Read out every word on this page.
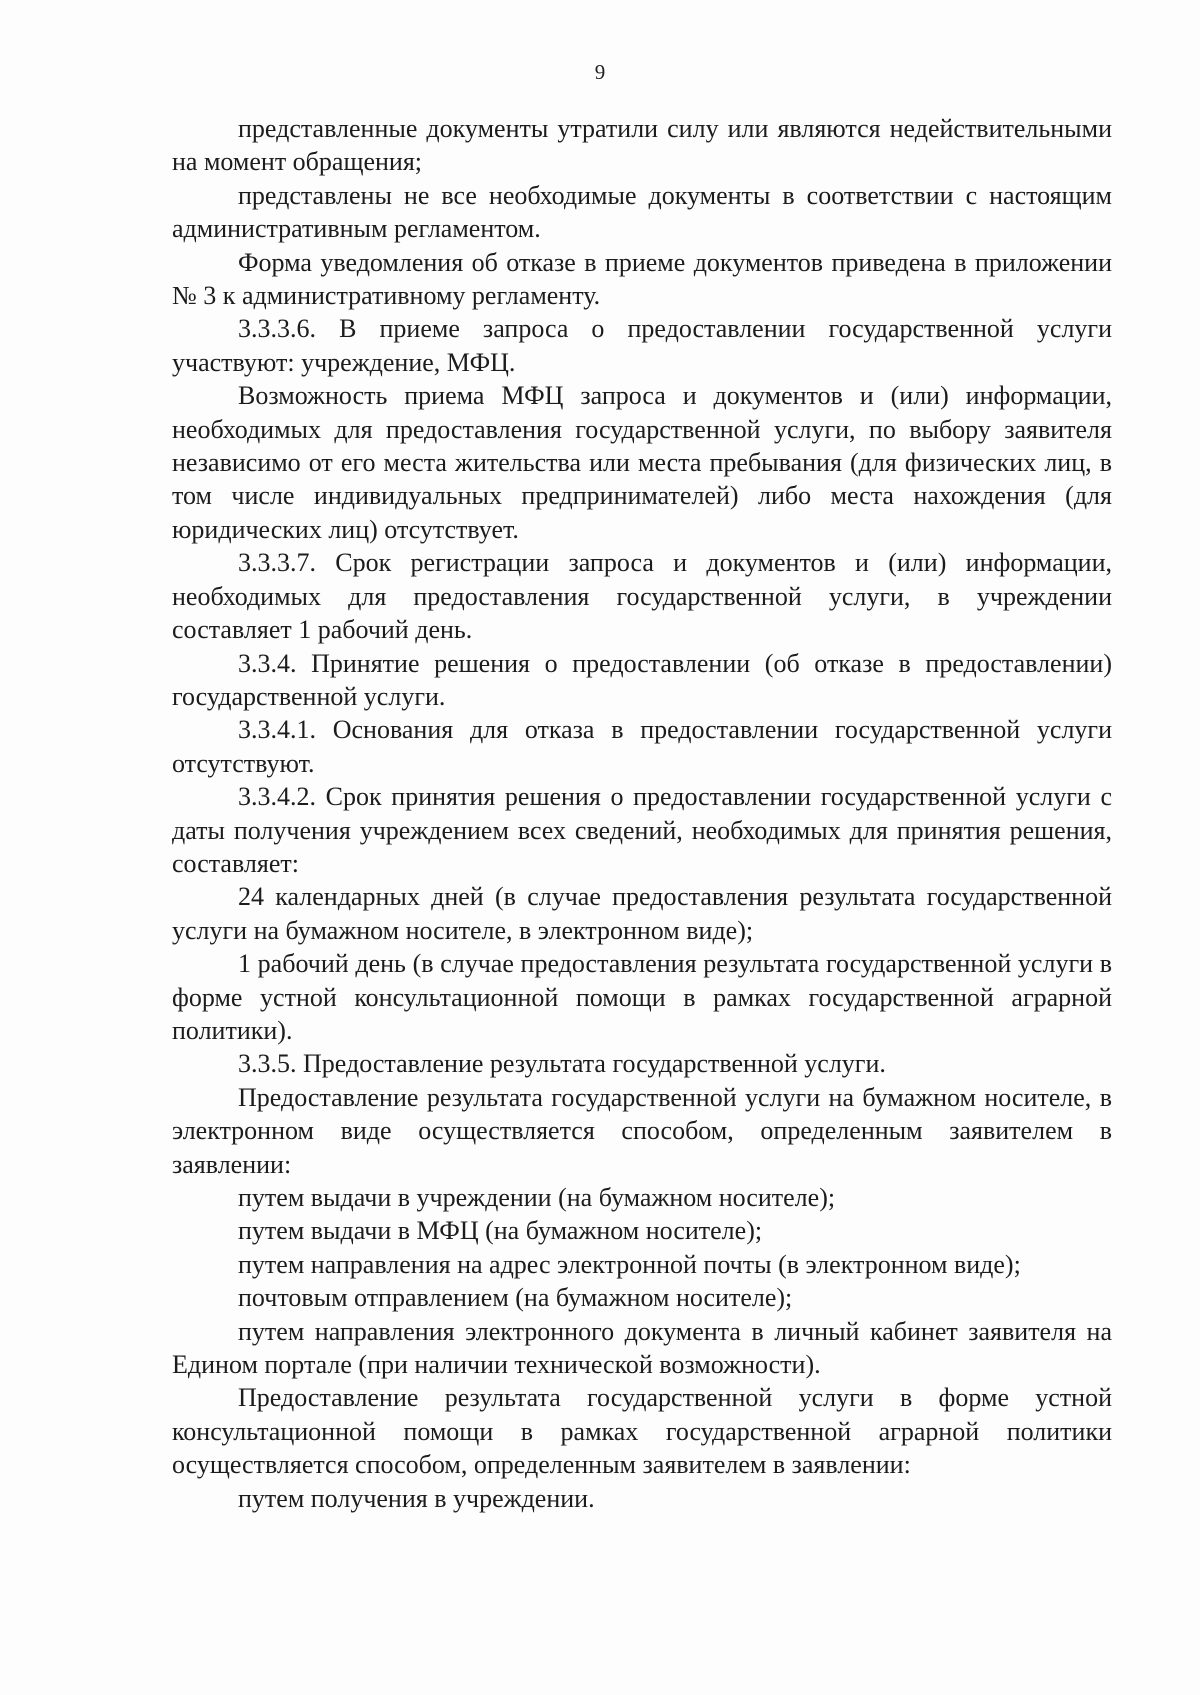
9

представленные документы утратили силу или являются недействительными на момент обращения;

представлены не все необходимые документы в соответствии с настоящим административным регламентом.

Форма уведомления об отказе в приеме документов приведена в приложении № 3 к административному регламенту.

3.3.3.6. В приеме запроса о предоставлении государственной услуги участвуют: учреждение, МФЦ.

Возможность приема МФЦ запроса и документов и (или) информации, необходимых для предоставления государственной услуги, по выбору заявителя независимо от его места жительства или места пребывания (для физических лиц, в том числе индивидуальных предпринимателей) либо места нахождения (для юридических лиц) отсутствует.

3.3.3.7. Срок регистрации запроса и документов и (или) информации, необходимых для предоставления государственной услуги, в учреждении составляет 1 рабочий день.

3.3.4. Принятие решения о предоставлении (об отказе в предоставлении) государственной услуги.

3.3.4.1. Основания для отказа в предоставлении государственной услуги отсутствуют.

3.3.4.2. Срок принятия решения о предоставлении государственной услуги с даты получения учреждением всех сведений, необходимых для принятия решения, составляет:

24 календарных дней (в случае предоставления результата государственной услуги на бумажном носителе, в электронном виде);

1 рабочий день (в случае предоставления результата государственной услуги в форме устной консультационной помощи в рамках государственной аграрной политики).

3.3.5. Предоставление результата государственной услуги.

Предоставление результата государственной услуги на бумажном носителе, в электронном виде осуществляется способом, определенным заявителем в заявлении:

путем выдачи в учреждении (на бумажном носителе);

путем выдачи в МФЦ (на бумажном носителе);

путем направления на адрес электронной почты (в электронном виде);

почтовым отправлением (на бумажном носителе);

путем направления электронного документа в личный кабинет заявителя на Едином портале (при наличии технической возможности).

Предоставление результата государственной услуги в форме устной консультационной помощи в рамках государственной аграрной политики осуществляется способом, определенным заявителем в заявлении:

путем получения в учреждении.
